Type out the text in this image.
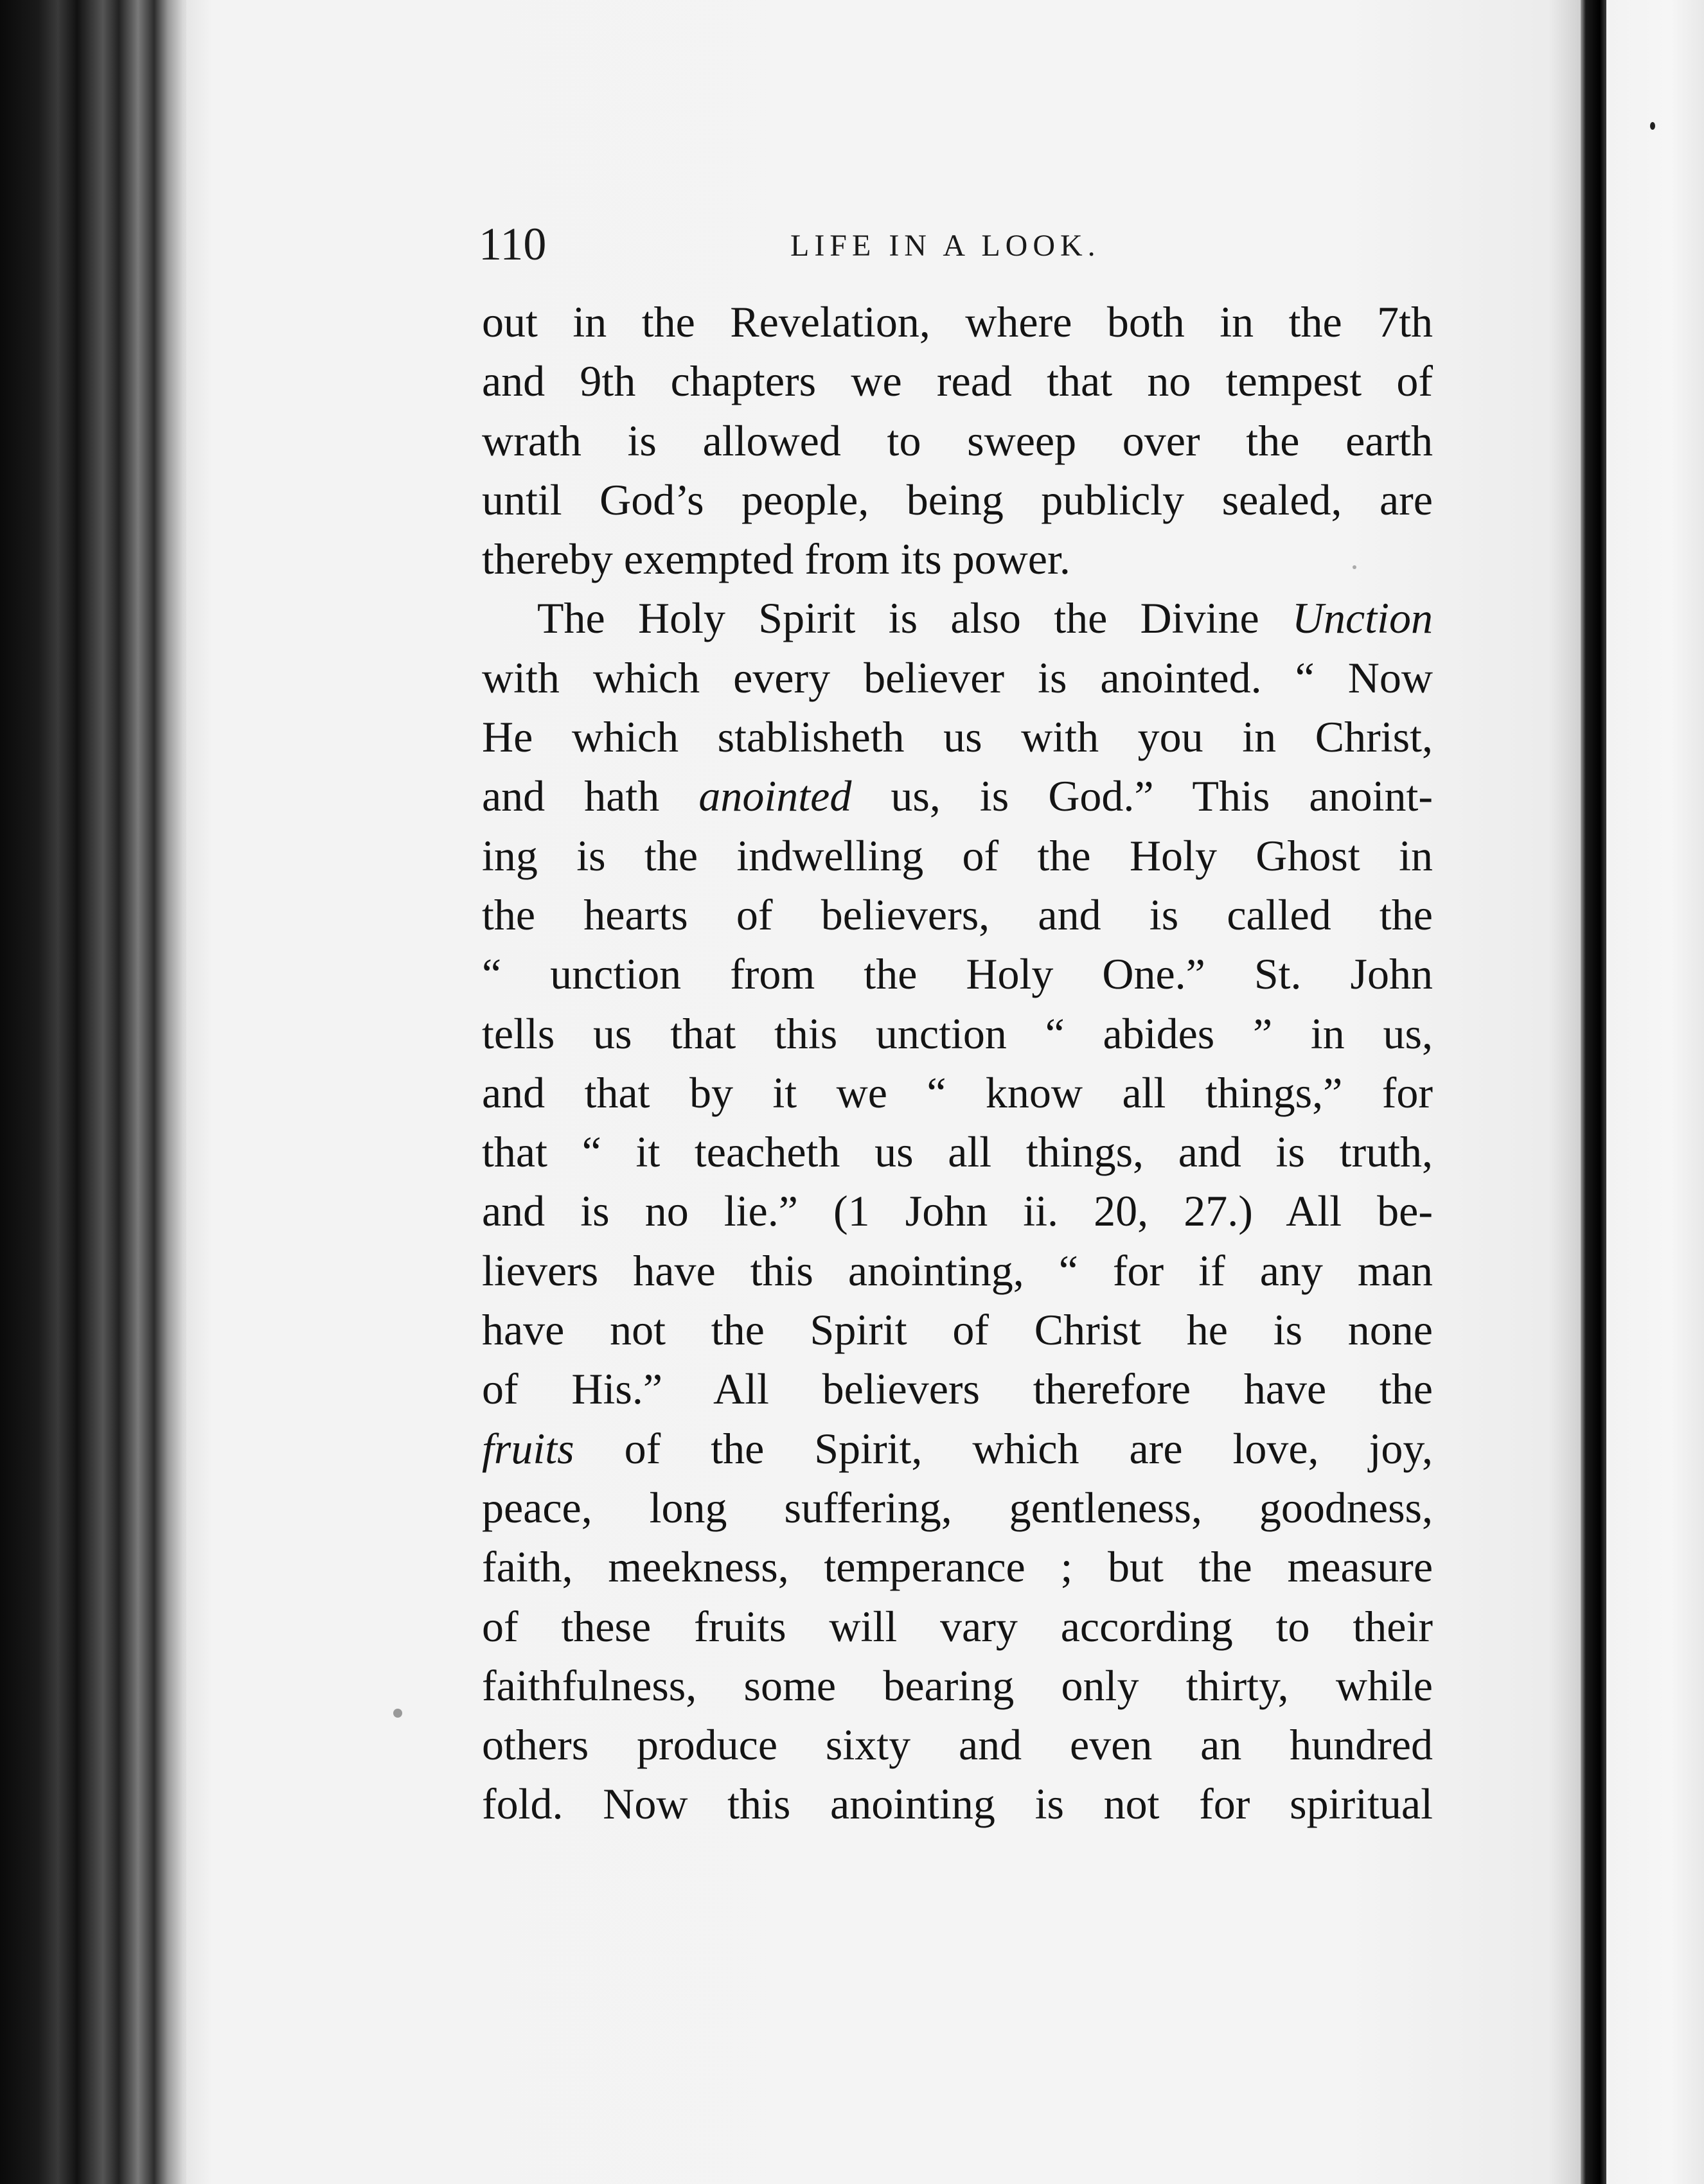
110	LIFE IN A LOOK.
out in the Revelation, where both in the 7th
and 9th chapters we read that no tempest of
wrath is allowed to sweep over the earth
until God’s people, being publicly sealed, are
thereby exempted from its power.
The Holy Spirit is also the Divine Unction
with which every believer is anointed. “ Now
He which stablisheth us with you in Christ,
and hath anointed us, is God.” This anoint-
ing is the indwelling of the Holy Ghost in
the hearts of believers, and is called the
“ unction from the Holy One.” St. John
tells us that this unction “ abides ” in us,
and that by it we “ know all things,” for
that “ it teacheth us all things, and is truth,
and is no lie.” (1 John ii. 20, 27.) All be-
lievers have this anointing, “ for if any man
have not the Spirit of Christ he is none
of His.” All believers therefore have the
fruits of the Spirit, which are love, joy,
peace, long suffering, gentleness, goodness,
faith, meekness, temperance ; but the measure
of these fruits will vary according to their
faithfulness, some bearing only thirty, while
others produce sixty and even an hundred
fold. Now this anointing is not for spiritual
